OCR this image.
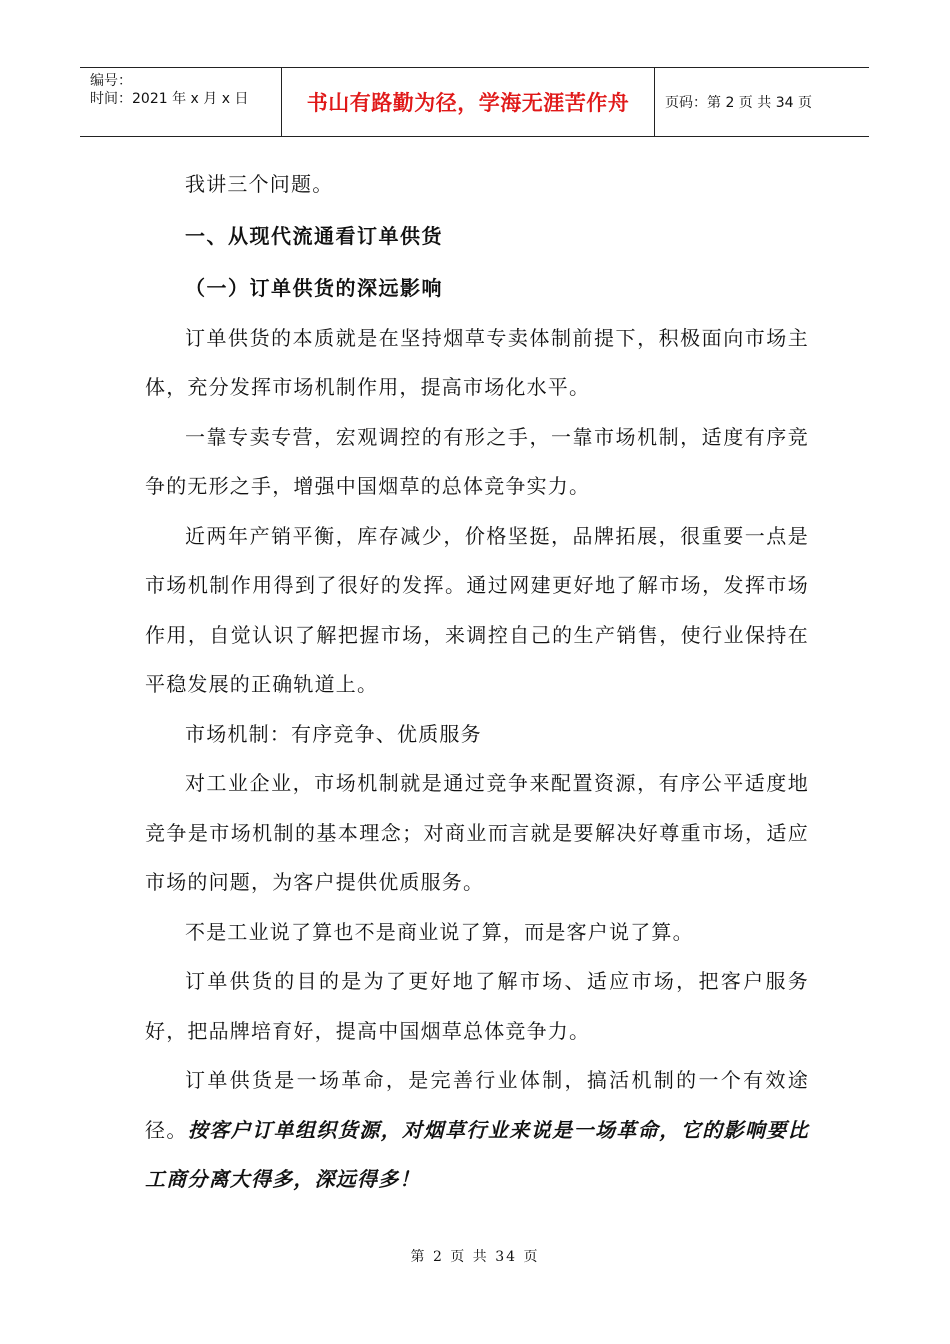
编号：
时间：2021 年 x 月 x 日	书山有路勤为径，学海无涯苦作舟	页码：第 2 页 共 34 页

我讲三个问题。

一、从现代流通看订单供货

（一）订单供货的深远影响

订单供货的本质就是在坚持烟草专卖体制前提下，积极面向市场主体，充分发挥市场机制作用，提高市场化水平。

一靠专卖专营，宏观调控的有形之手，一靠市场机制，适度有序竞争的无形之手，增强中国烟草的总体竞争实力。

近两年产销平衡，库存减少，价格坚挺，品牌拓展，很重要一点是市场机制作用得到了很好的发挥。通过网建更好地了解市场，发挥市场作用，自觉认识了解把握市场，来调控自己的生产销售，使行业保持在平稳发展的正确轨道上。

市场机制：有序竞争、优质服务

对工业企业，市场机制就是通过竞争来配置资源，有序公平适度地竞争是市场机制的基本理念；对商业而言就是要解决好尊重市场，适应市场的问题，为客户提供优质服务。

不是工业说了算也不是商业说了算，而是客户说了算。

订单供货的目的是为了更好地了解市场、适应市场，把客户服务好，把品牌培育好，提高中国烟草总体竞争力。

订单供货是一场革命，是完善行业体制，搞活机制的一个有效途径。按客户订单组织货源，对烟草行业来说是一场革命，它的影响要比工商分离大得多，深远得多！

第 2 页 共 34 页
